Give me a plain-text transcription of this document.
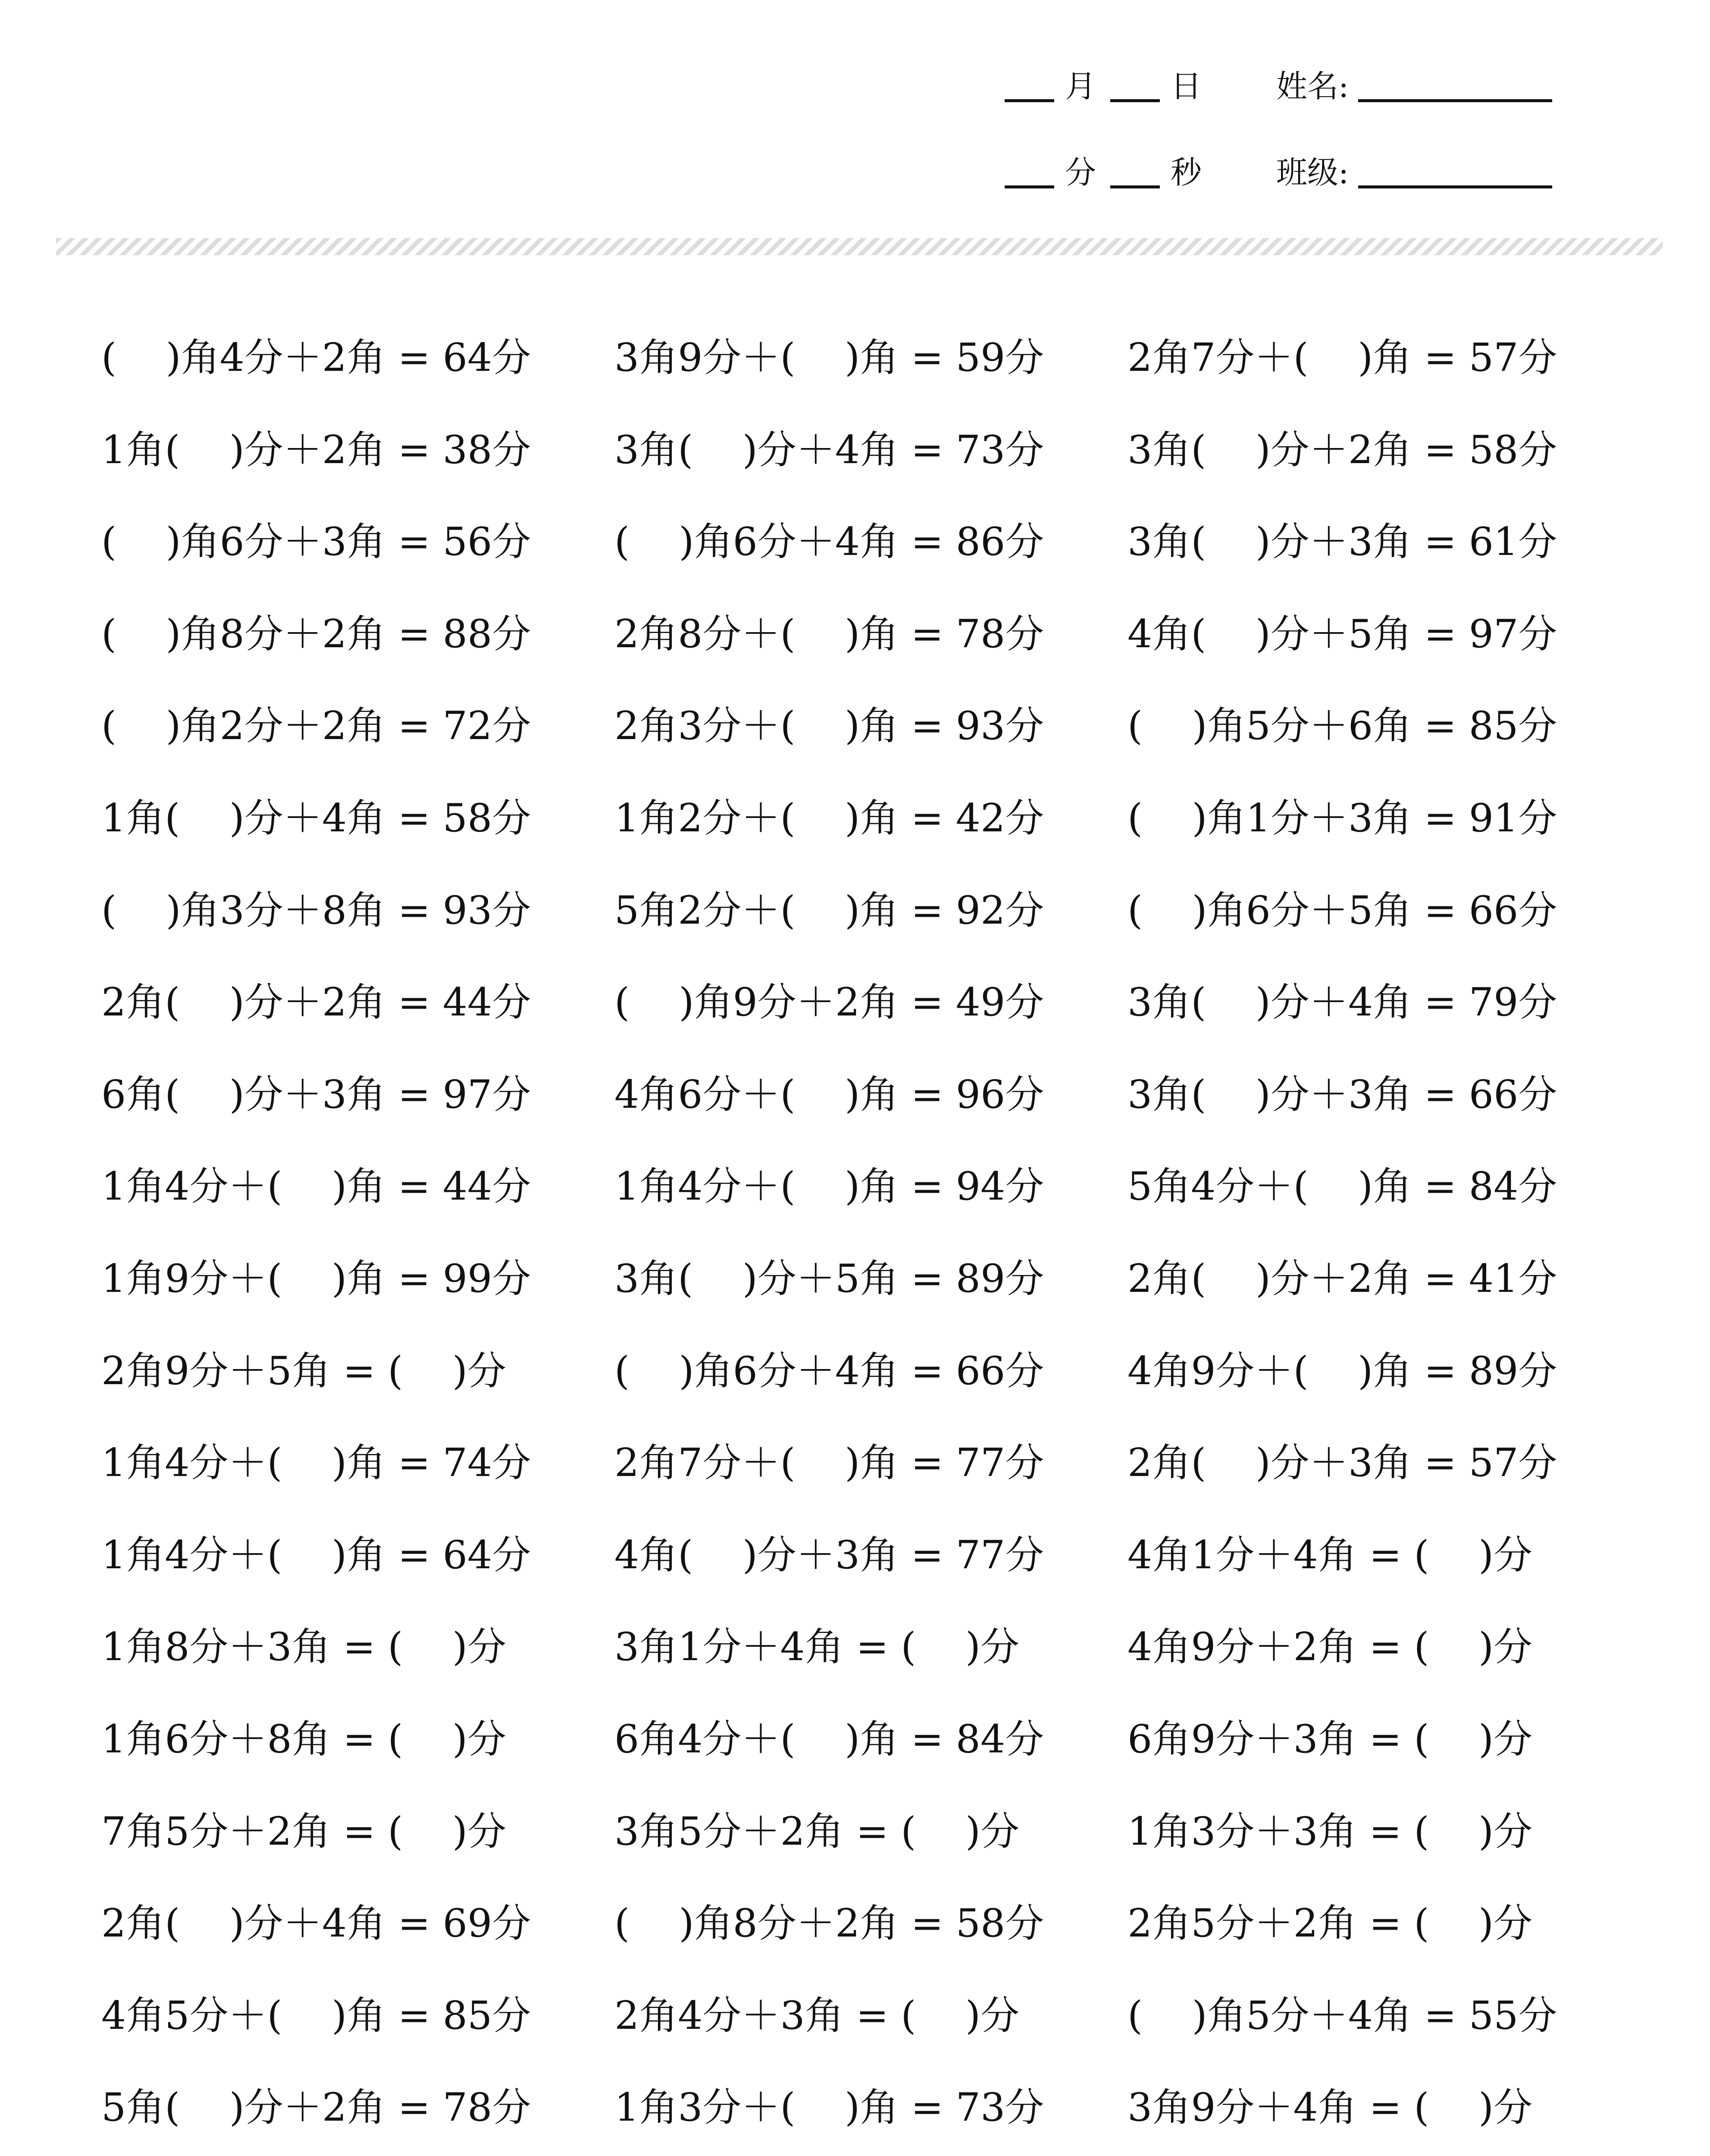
月 日 姓名:
分 秒 班级:
(    )角4分＋2角 = 64分 3角9分＋(    )角 = 59分 2角7分＋(    )角 = 57分
1角(    )分＋2角 = 38分 3角(    )分＋4角 = 73分 3角(    )分＋2角 = 58分
(    )角6分＋3角 = 56分 (    )角6分＋4角 = 86分 3角(    )分＋3角 = 61分
(    )角8分＋2角 = 88分 2角8分＋(    )角 = 78分 4角(    )分＋5角 = 97分
(    )角2分＋2角 = 72分 2角3分＋(    )角 = 93分 (    )角5分＋6角 = 85分
1角(    )分＋4角 = 58分 1角2分＋(    )角 = 42分 (    )角1分＋3角 = 91分
(    )角3分＋8角 = 93分 5角2分＋(    )角 = 92分 (    )角6分＋5角 = 66分
2角(    )分＋2角 = 44分 (    )角9分＋2角 = 49分 3角(    )分＋4角 = 79分
6角(    )分＋3角 = 97分 4角6分＋(    )角 = 96分 3角(    )分＋3角 = 66分
1角4分＋(    )角 = 44分 1角4分＋(    )角 = 94分 5角4分＋(    )角 = 84分
1角9分＋(    )角 = 99分 3角(    )分＋5角 = 89分 2角(    )分＋2角 = 41分
2角9分＋5角 = (    )分	(    )角6分＋4角 = 66分 4角9分＋(    )角 = 89分
1角4分＋(    )角 = 74分 2角7分＋(    )角 = 77分 2角(    )分＋3角 = 57分
1角4分＋(    )角 = 64分 4角(    )分＋3角 = 77分 4角1分＋4角 = (    )分
1角8分＋3角 = (    )分	3角1分＋4角 = (    )分	4角9分＋2角 = (    )分
1角6分＋8角 = (    )分	6角4分＋(    )角 = 84分 6角9分＋3角 = (    )分
7角5分＋2角 = (    )分	3角5分＋2角 = (    )分	1角3分＋3角 = (    )分
2角(    )分＋4角 = 69分 (    )角8分＋2角 = 58分 2角5分＋2角 = (    )分
4角5分＋(    )角 = 85分 2角4分＋3角 = (    )分	(    )角5分＋4角 = 55分
5角(    )分＋2角 = 78分 1角3分＋(    )角 = 73分 3角9分＋4角 = (    )分
